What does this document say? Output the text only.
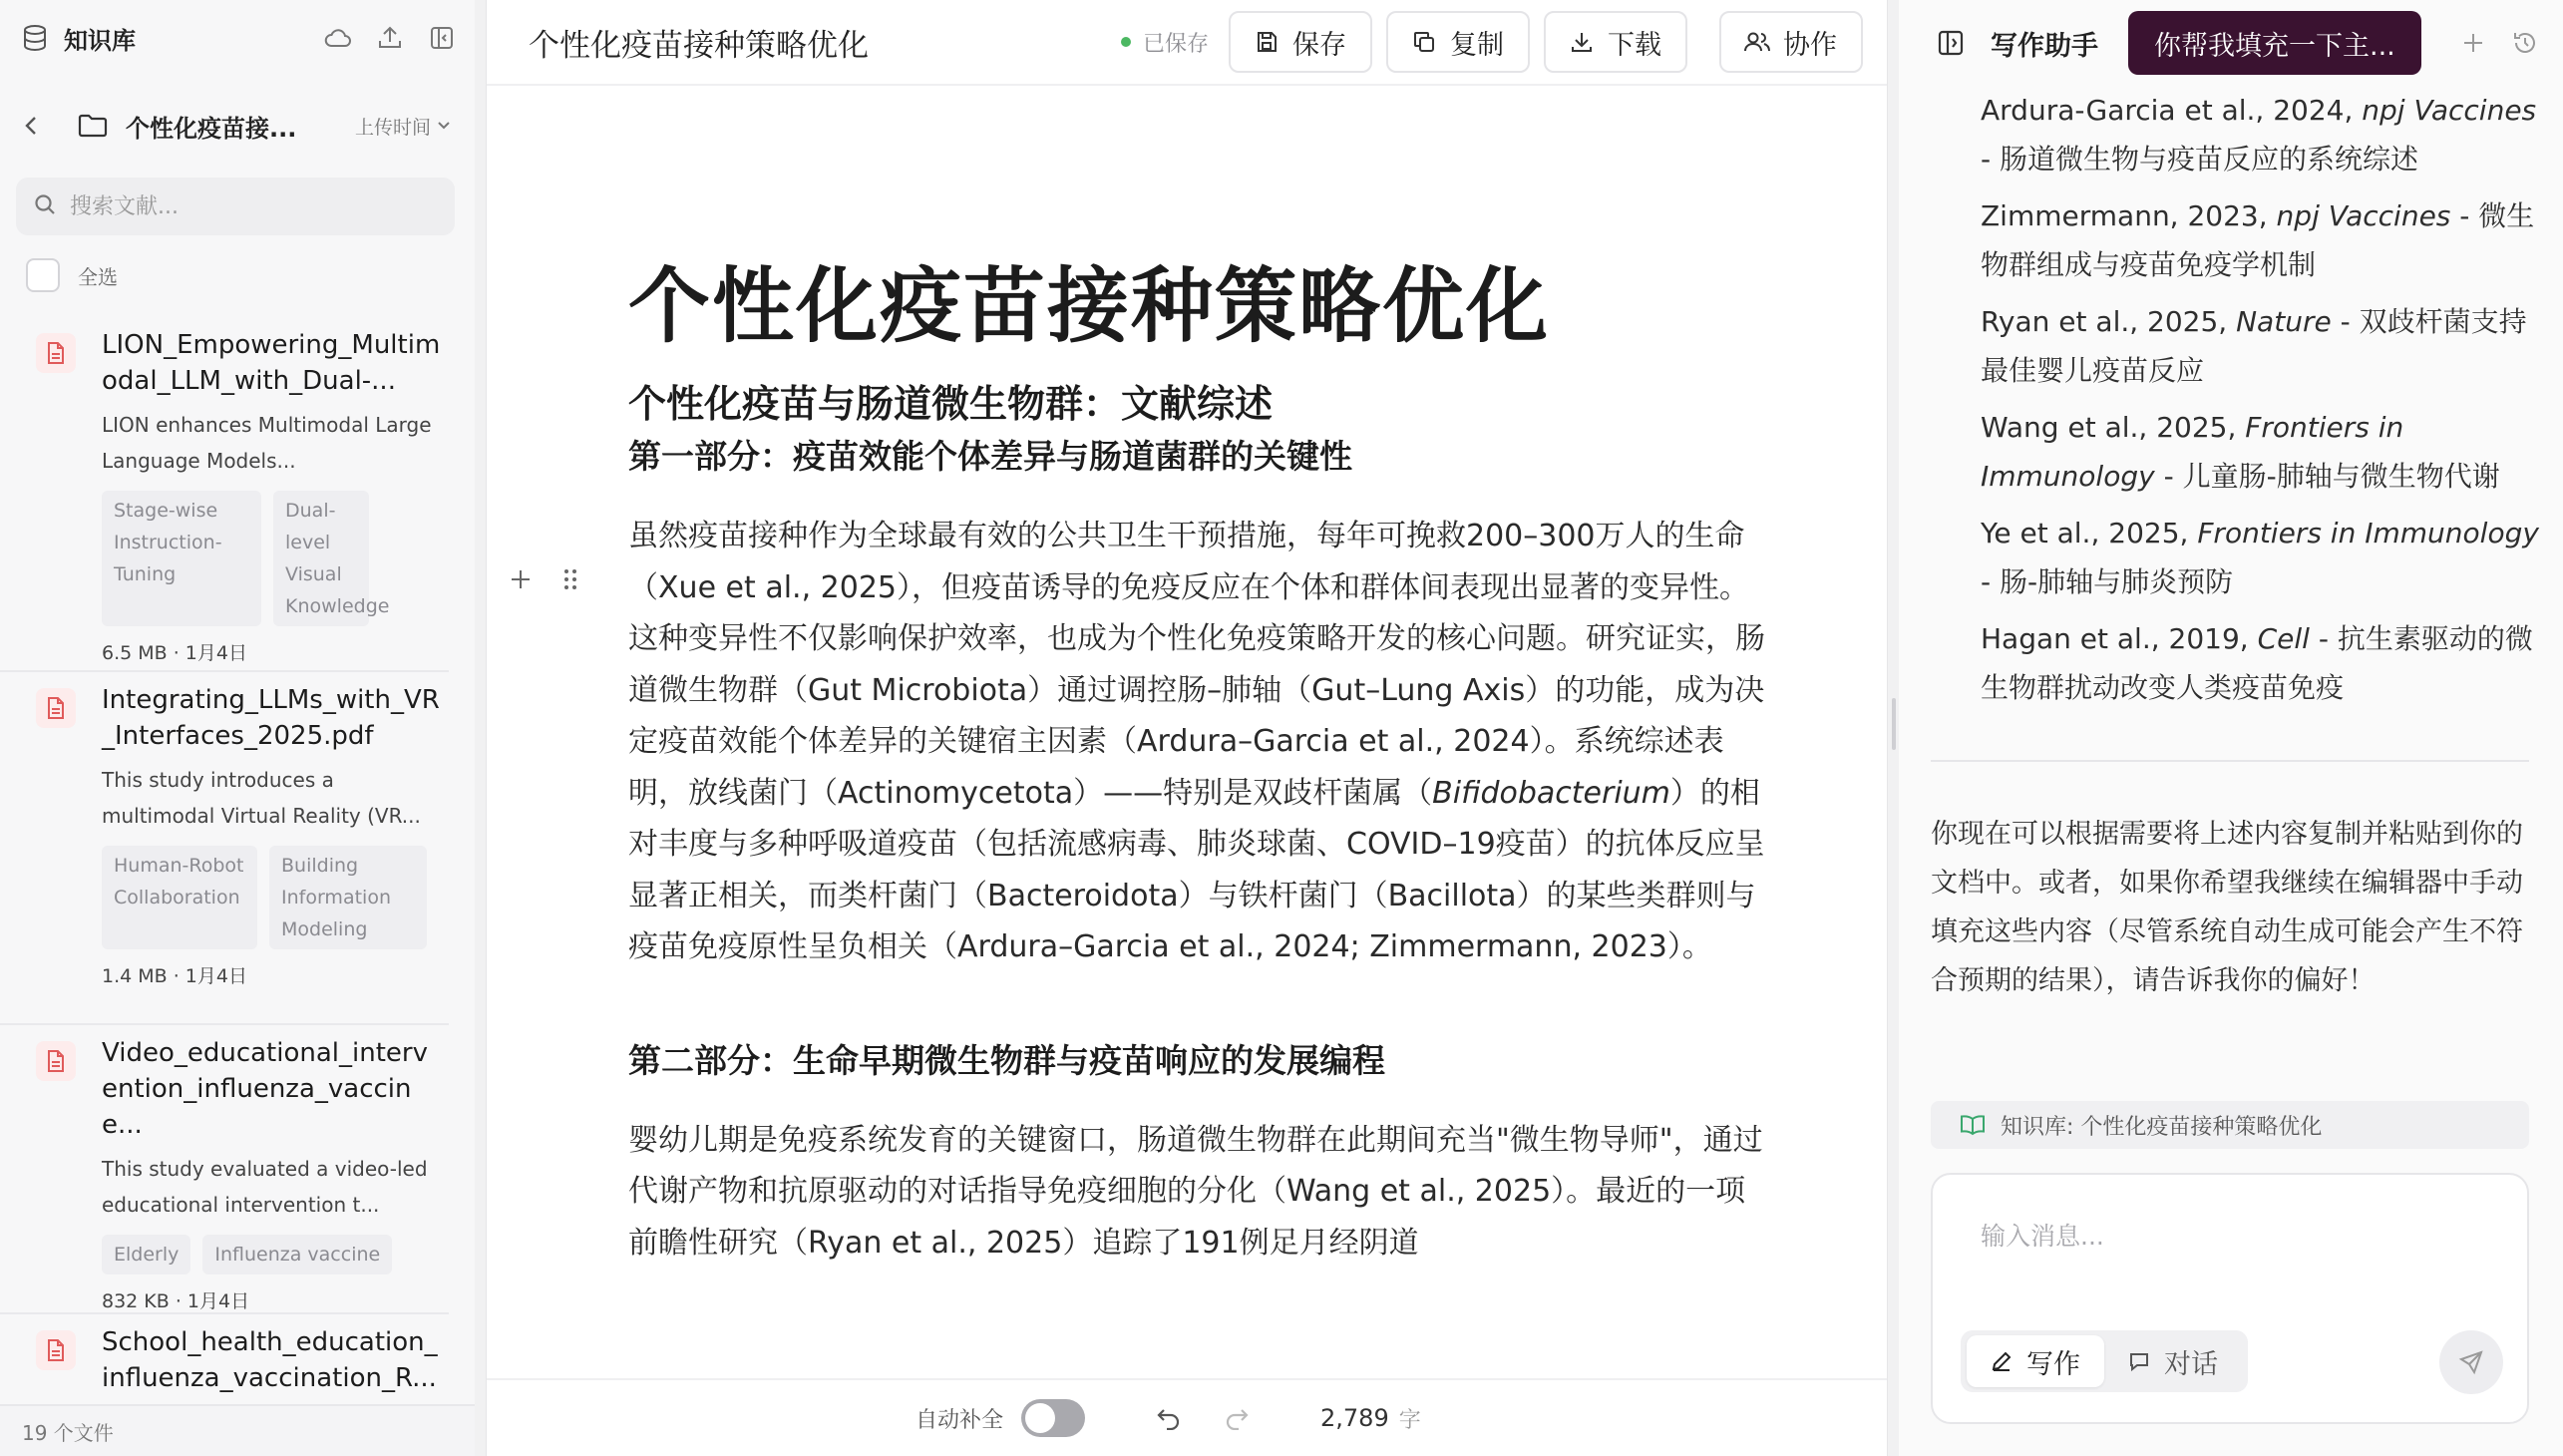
知识库
个性化疫苗接...	上传时间
搜索文献...
全选
LION_Empowering_Multimodal_LLM_with_Dual-...
LION enhances Multimodal Large Language Models...
Stage-wise Instruction-Tuning
Dual-level Visual Knowledge
6.5 MB · 1月4日
Integrating_LLMs_with_VR_Interfaces_2025.pdf
This study introduces a multimodal Virtual Reality (VR...
Human-Robot Collaboration
Building Information Modeling
1.4 MB · 1月4日
Video_educational_intervention_influenza_vaccine...
This study evaluated a video-led educational intervention t...
Elderly	Influenza vaccine
832 KB · 1月4日
School_health_education_influenza_vaccination_R...
19 个文件
个性化疫苗接种策略优化	已保存	保存	复制	下载	协作
个性化疫苗接种策略优化
个性化疫苗与肠道微生物群：文献综述
第一部分：疫苗效能个体差异与肠道菌群的关键性

虽然疫苗接种作为全球最有效的公共卫生干预措施，每年可挽救200–300万人的生命（Xue et al., 2025），但疫苗诱导的免疫反应在个体和群体间表现出显著的变异性。这种变异性不仅影响保护效率，也成为个性化免疫策略开发的核心问题。研究证实，肠道微生物群（Gut Microbiota）通过调控肠–肺轴（Gut–Lung Axis）的功能，成为决定疫苗效能个体差异的关键宿主因素（Ardura–Garcia et al., 2024）。系统综述表明，放线菌门（Actinomycetota）——特别是双歧杆菌属（Bifidobacterium）的相对丰度与多种呼吸道疫苗（包括流感病毒、肺炎球菌、COVID–19疫苗）的抗体反应呈显著正相关，而类杆菌门（Bacteroidota）与铁杆菌门（Bacillota）的某些类群则与疫苗免疫原性呈负相关（Ardura–Garcia et al., 2024; Zimmermann, 2023）。

第二部分：生命早期微生物群与疫苗响应的发展编程

婴幼儿期是免疫系统发育的关键窗口，肠道微生物群在此期间充当"微生物导师"，通过代谢产物和抗原驱动的对话指导免疫细胞的分化（Wang et al., 2025）。最近的一项前瞻性研究（Ryan et al., 2025）追踪了191例足月经阴道

自动补全	2,789 字
写作助手	你帮我填充一下主...
Ardura-Garcia et al., 2024, npj Vaccines - 肠道微生物与疫苗反应的系统综述
Zimmermann, 2023, npj Vaccines - 微生物群组成与疫苗免疫学机制
Ryan et al., 2025, Nature - 双歧杆菌支持最佳婴儿疫苗反应
Wang et al., 2025, Frontiers in Immunology - 儿童肠-肺轴与微生物代谢
Ye et al., 2025, Frontiers in Immunology - 肠-肺轴与肺炎预防
Hagan et al., 2019, Cell - 抗生素驱动的微生物群扰动改变人类疫苗免疫
你现在可以根据需要将上述内容复制并粘贴到你的文档中。或者，如果你希望我继续在编辑器中手动填充这些内容（尽管系统自动生成可能会产生不符合预期的结果），请告诉我你的偏好！
知识库: 个性化疫苗接种策略优化
输入消息...
写作	对话
